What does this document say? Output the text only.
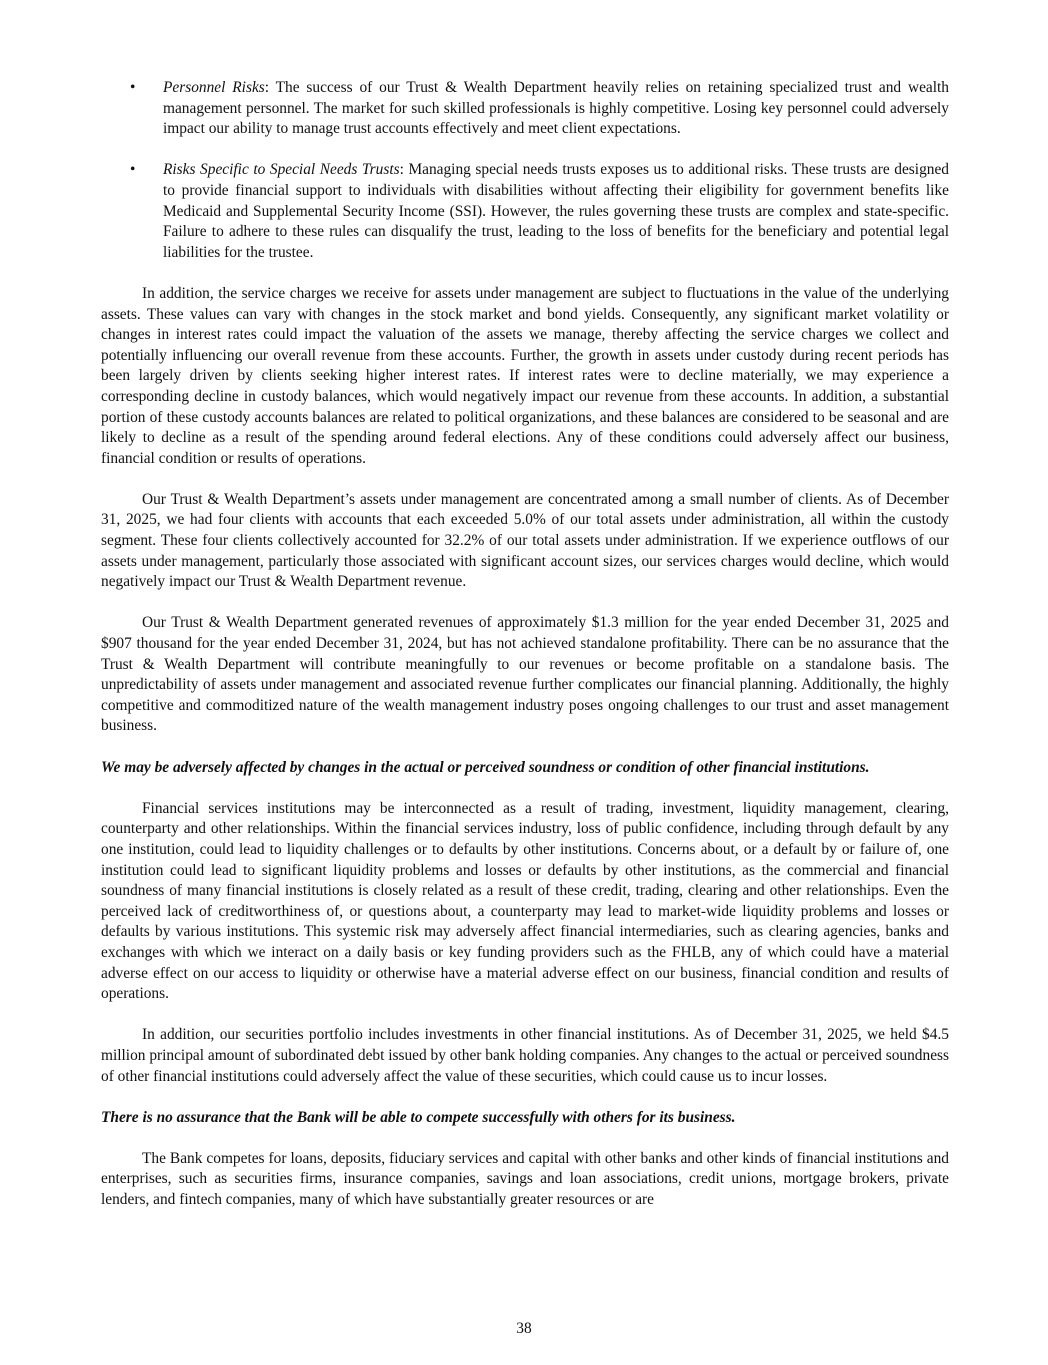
• Personnel Risks: The success of our Trust & Wealth Department heavily relies on retaining specialized trust and wealth management personnel. The market for such skilled professionals is highly competitive. Losing key personnel could adversely impact our ability to manage trust accounts effectively and meet client expectations.
• Risks Specific to Special Needs Trusts: Managing special needs trusts exposes us to additional risks. These trusts are designed to provide financial support to individuals with disabilities without affecting their eligibility for government benefits like Medicaid and Supplemental Security Income (SSI). However, the rules governing these trusts are complex and state-specific. Failure to adhere to these rules can disqualify the trust, leading to the loss of benefits for the beneficiary and potential legal liabilities for the trustee.

In addition, the service charges we receive for assets under management are subject to fluctuations in the value of the underlying assets. These values can vary with changes in the stock market and bond yields. Consequently, any significant market volatility or changes in interest rates could impact the valuation of the assets we manage, thereby affecting the service charges we collect and potentially influencing our overall revenue from these accounts. Further, the growth in assets under custody during recent periods has been largely driven by clients seeking higher interest rates. If interest rates were to decline materially, we may experience a corresponding decline in custody balances, which would negatively impact our revenue from these accounts. In addition, a substantial portion of these custody accounts balances are related to political organizations, and these balances are considered to be seasonal and are likely to decline as a result of the spending around federal elections. Any of these conditions could adversely affect our business, financial condition or results of operations.

Our Trust & Wealth Department’s assets under management are concentrated among a small number of clients. As of December 31, 2025, we had four clients with accounts that each exceeded 5.0% of our total assets under administration, all within the custody segment. These four clients collectively accounted for 32.2% of our total assets under administration. If we experience outflows of our assets under management, particularly those associated with significant account sizes, our services charges would decline, which would negatively impact our Trust & Wealth Department revenue.

Our Trust & Wealth Department generated revenues of approximately $1.3 million for the year ended December 31, 2025 and $907 thousand for the year ended December 31, 2024, but has not achieved standalone profitability. There can be no assurance that the Trust & Wealth Department will contribute meaningfully to our revenues or become profitable on a standalone basis. The unpredictability of assets under management and associated revenue further complicates our financial planning. Additionally, the highly competitive and commoditized nature of the wealth management industry poses ongoing challenges to our trust and asset management business.

We may be adversely affected by changes in the actual or perceived soundness or condition of other financial institutions.

Financial services institutions may be interconnected as a result of trading, investment, liquidity management, clearing, counterparty and other relationships. Within the financial services industry, loss of public confidence, including through default by any one institution, could lead to liquidity challenges or to defaults by other institutions. Concerns about, or a default by or failure of, one institution could lead to significant liquidity problems and losses or defaults by other institutions, as the commercial and financial soundness of many financial institutions is closely related as a result of these credit, trading, clearing and other relationships. Even the perceived lack of creditworthiness of, or questions about, a counterparty may lead to market-wide liquidity problems and losses or defaults by various institutions. This systemic risk may adversely affect financial intermediaries, such as clearing agencies, banks and exchanges with which we interact on a daily basis or key funding providers such as the FHLB, any of which could have a material adverse effect on our access to liquidity or otherwise have a material adverse effect on our business, financial condition and results of operations.

In addition, our securities portfolio includes investments in other financial institutions. As of December 31, 2025, we held $4.5 million principal amount of subordinated debt issued by other bank holding companies. Any changes to the actual or perceived soundness of other financial institutions could adversely affect the value of these securities, which could cause us to incur losses.

There is no assurance that the Bank will be able to compete successfully with others for its business.

The Bank competes for loans, deposits, fiduciary services and capital with other banks and other kinds of financial institutions and enterprises, such as securities firms, insurance companies, savings and loan associations, credit unions, mortgage brokers, private lenders, and fintech companies, many of which have substantially greater resources or are

38
